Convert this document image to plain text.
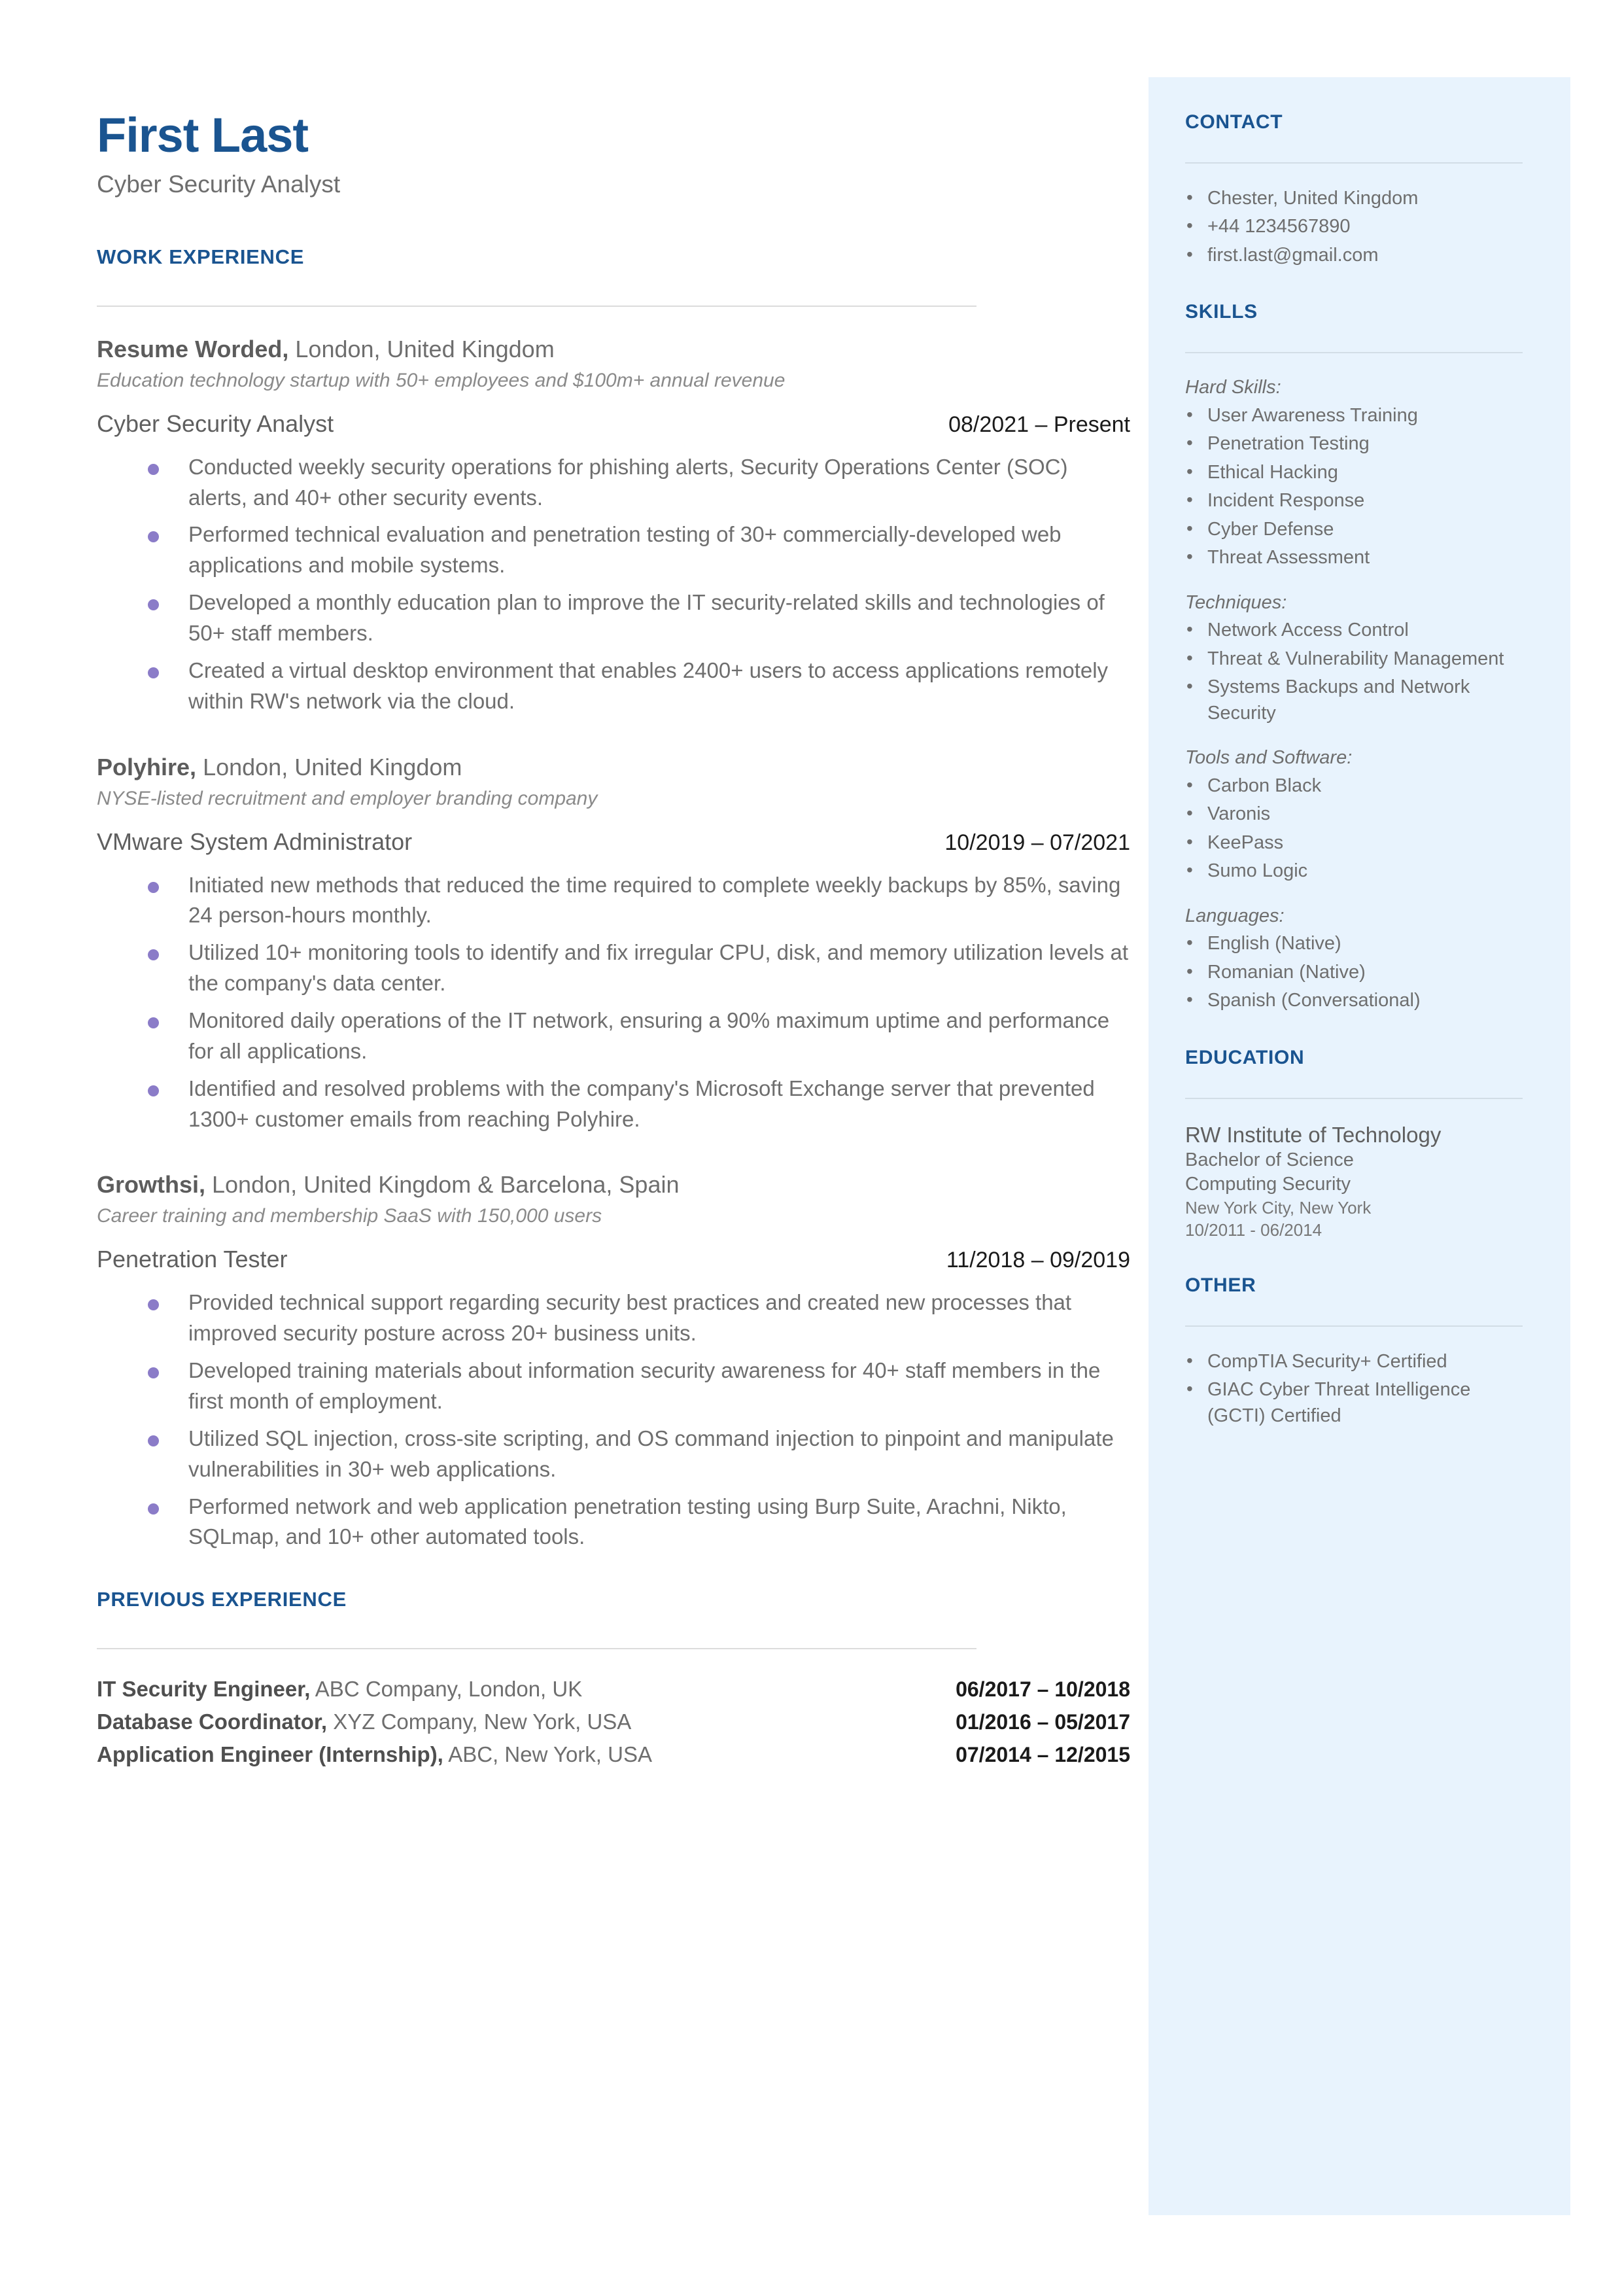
First Last
Cyber Security Analyst
WORK EXPERIENCE
Resume Worded, London, United Kingdom
Education technology startup with 50+ employees and $100m+ annual revenue
Cyber Security Analyst	08/2021 – Present
Conducted weekly security operations for phishing alerts, Security Operations Center (SOC) alerts, and 40+ other security events.
Performed technical evaluation and penetration testing of 30+ commercially-developed web applications and mobile systems.
Developed a monthly education plan to improve the IT security-related skills and technologies of 50+ staff members.
Created a virtual desktop environment that enables 2400+ users to access applications remotely within RW's network via the cloud.
Polyhire, London, United Kingdom
NYSE-listed recruitment and employer branding company
VMware System Administrator	10/2019 – 07/2021
Initiated new methods that reduced the time required to complete weekly backups by 85%, saving 24 person-hours monthly.
Utilized 10+ monitoring tools to identify and fix irregular CPU, disk, and memory utilization levels at the company's data center.
Monitored daily operations of the IT network, ensuring a 90% maximum uptime and performance for all applications.
Identified and resolved problems with the company's Microsoft Exchange server that prevented 1300+ customer emails from reaching Polyhire.
Growthsi, London, United Kingdom & Barcelona, Spain
Career training and membership SaaS with 150,000 users
Penetration Tester	11/2018 – 09/2019
Provided technical support regarding security best practices and created new processes that improved security posture across 20+ business units.
Developed training materials about information security awareness for 40+ staff members in the first month of employment.
Utilized SQL injection, cross-site scripting, and OS command injection to pinpoint and manipulate vulnerabilities in 30+ web applications.
Performed network and web application penetration testing using Burp Suite, Arachni, Nikto, SQLmap, and 10+ other automated tools.
PREVIOUS EXPERIENCE
IT Security Engineer, ABC Company, London, UK	06/2017 – 10/2018
Database Coordinator, XYZ Company, New York, USA	01/2016 – 05/2017
Application Engineer (Internship), ABC, New York, USA	07/2014 – 12/2015
CONTACT
• Chester, United Kingdom
• +44 1234567890
• first.last@gmail.com
SKILLS
Hard Skills:
• User Awareness Training
• Penetration Testing
• Ethical Hacking
• Incident Response
• Cyber Defense
• Threat Assessment
Techniques:
• Network Access Control
• Threat & Vulnerability Management
• Systems Backups and Network Security
Tools and Software:
• Carbon Black
• Varonis
• KeePass
• Sumo Logic
Languages:
• English (Native)
• Romanian (Native)
• Spanish (Conversational)
EDUCATION
RW Institute of Technology
Bachelor of Science
Computing Security
New York City, New York
10/2011 - 06/2014
OTHER
• CompTIA Security+ Certified
• GIAC Cyber Threat Intelligence (GCTI) Certified
